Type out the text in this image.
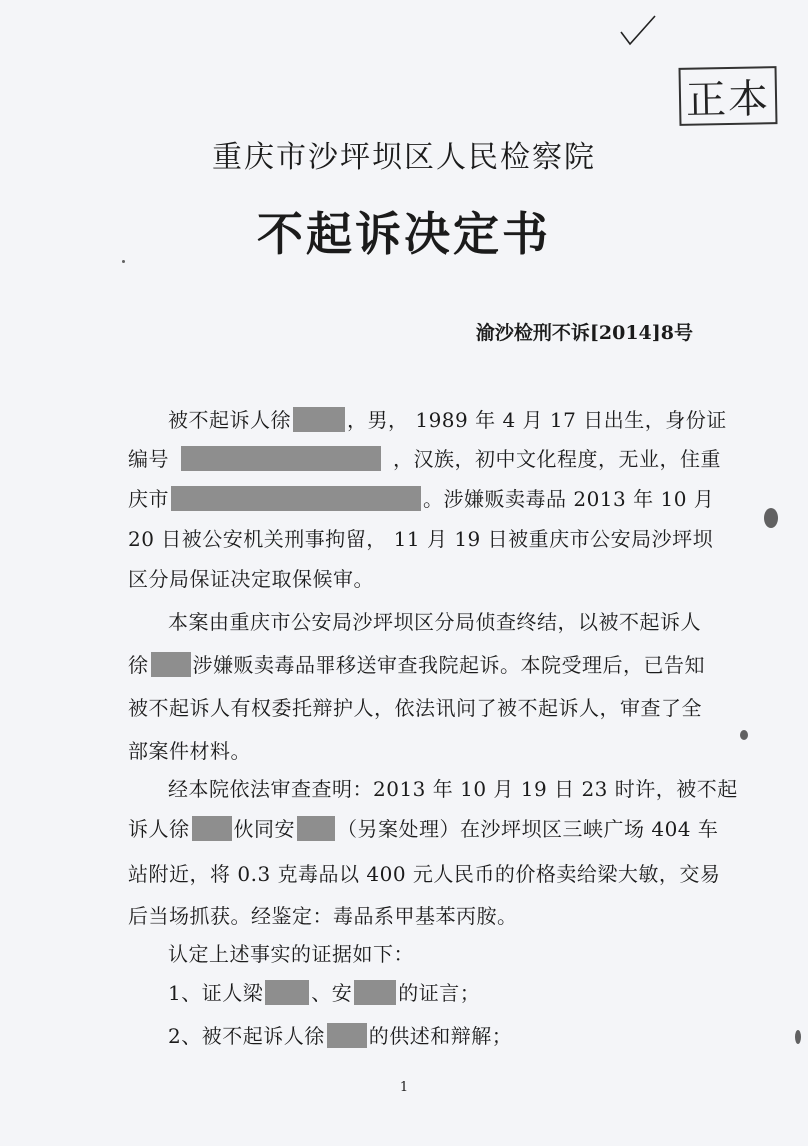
正本
重庆市沙坪坝区人民检察院
不起诉决定书
渝沙检刑不诉[2014]8号
被不起诉人徐	，男， 1989 年 4 月 17 日出生，身份证
编号	，汉族，初中文化程度，无业，住重
庆市	。涉嫌贩卖毒品 2013 年 10 月
20 日被公安机关刑事拘留， 11 月 19 日被重庆市公安局沙坪坝
区分局保证决定取保候审。
本案由重庆市公安局沙坪坝区分局侦查终结，以被不起诉人
徐 涉嫌贩卖毒品罪移送审查我院起诉。本院受理后，已告知
被不起诉人有权委托辩护人，依法讯问了被不起诉人，审查了全
部案件材料。
经本院依法审查查明：2013 年 10 月 19 日 23 时许，被不起
诉人徐 伙同安 （另案处理）在沙坪坝区三峡广场 404 车
站附近，将 0.3 克毒品以 400 元人民币的价格卖给梁大敏，交易
后当场抓获。经鉴定：毒品系甲基苯丙胺。
认定上述事实的证据如下：
1、证人梁 、安 的证言；
2、被不起诉人徐 的供述和辩解；
1
